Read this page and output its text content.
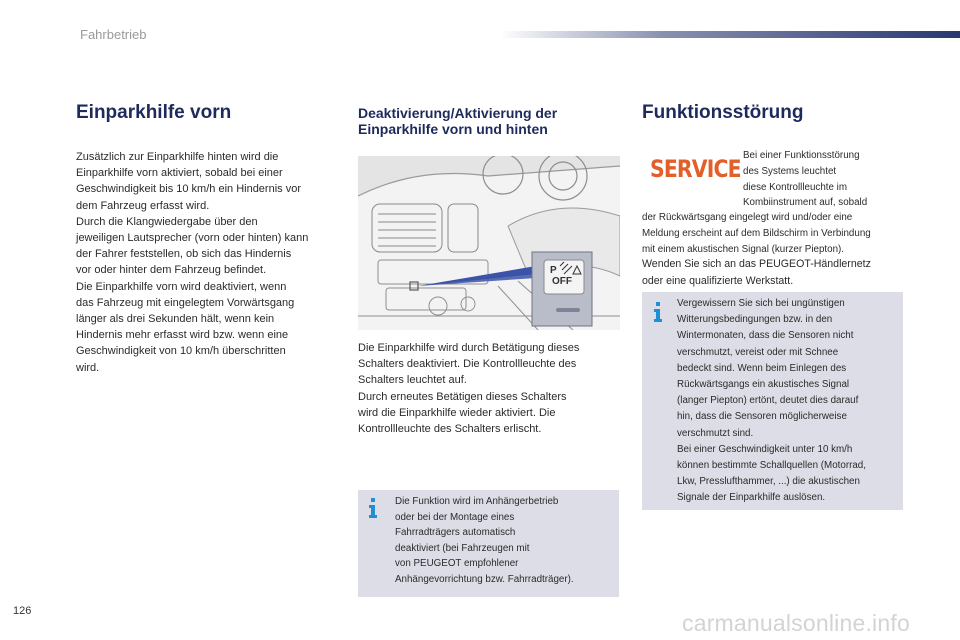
Fahrbetrieb
Einparkhilfe vorn

Zusätzlich zur Einparkhilfe hinten wird die
Einparkhilfe vorn aktiviert, sobald bei einer
Geschwindigkeit bis 10 km/h ein Hindernis vor
dem Fahrzeug erfasst wird.
Durch die Klangwiedergabe über den
jeweiligen Lautsprecher (vorn oder hinten) kann
der Fahrer feststellen, ob sich das Hindernis
vor oder hinter dem Fahrzeug befindet.
Die Einparkhilfe vorn wird deaktiviert, wenn
das Fahrzeug mit eingelegtem Vorwärtsgang
länger als drei Sekunden hält, wenn kein
Hindernis mehr erfasst wird bzw. wenn eine
Geschwindigkeit von 10 km/h überschritten
wird.

Deaktivierung/Aktivierung der
Einparkhilfe vorn und hinten
P
OFF

Die Einparkhilfe wird durch Betätigung dieses
Schalters deaktiviert. Die Kontrollleuchte des
Schalters leuchtet auf.
Durch erneutes Betätigen dieses Schalters
wird die Einparkhilfe wieder aktiviert. Die
Kontrollleuchte des Schalters erlischt.

Die Funktion wird im Anhängerbetrieb
oder bei der Montage eines
Fahrradträgers automatisch
deaktiviert (bei Fahrzeugen mit
von PEUGEOT empfohlener
Anhängevorrichtung bzw. Fahrradträger).

Funktionsstörung
SERVICE Bei einer Funktionsstörung
des Systems leuchtet
diese Kontrollleuchte im
Kombiinstrument auf, sobald

der Rückwärtsgang eingelegt wird und/oder eine
Meldung erscheint auf dem Bildschirm in Verbindung
mit einem akustischen Signal (kurzer Piepton).

Wenden Sie sich an das PEUGEOT-Händlernetz
oder eine qualifizierte Werkstatt.

Vergewissern Sie sich bei ungünstigen
Witterungsbedingungen bzw. in den
Wintermonaten, dass die Sensoren nicht
verschmutzt, vereist oder mit Schnee
bedeckt sind. Wenn beim Einlegen des
Rückwärtsgangs ein akustisches Signal
(langer Piepton) ertönt, deutet dies darauf
hin, dass die Sensoren möglicherweise
verschmutzt sind.
Bei einer Geschwindigkeit unter 10 km/h
können bestimmte Schallquellen (Motorrad,
Lkw, Presslufthammer, ...) die akustischen
Signale der Einparkhilfe auslösen.

126	carmanualsonline.info
